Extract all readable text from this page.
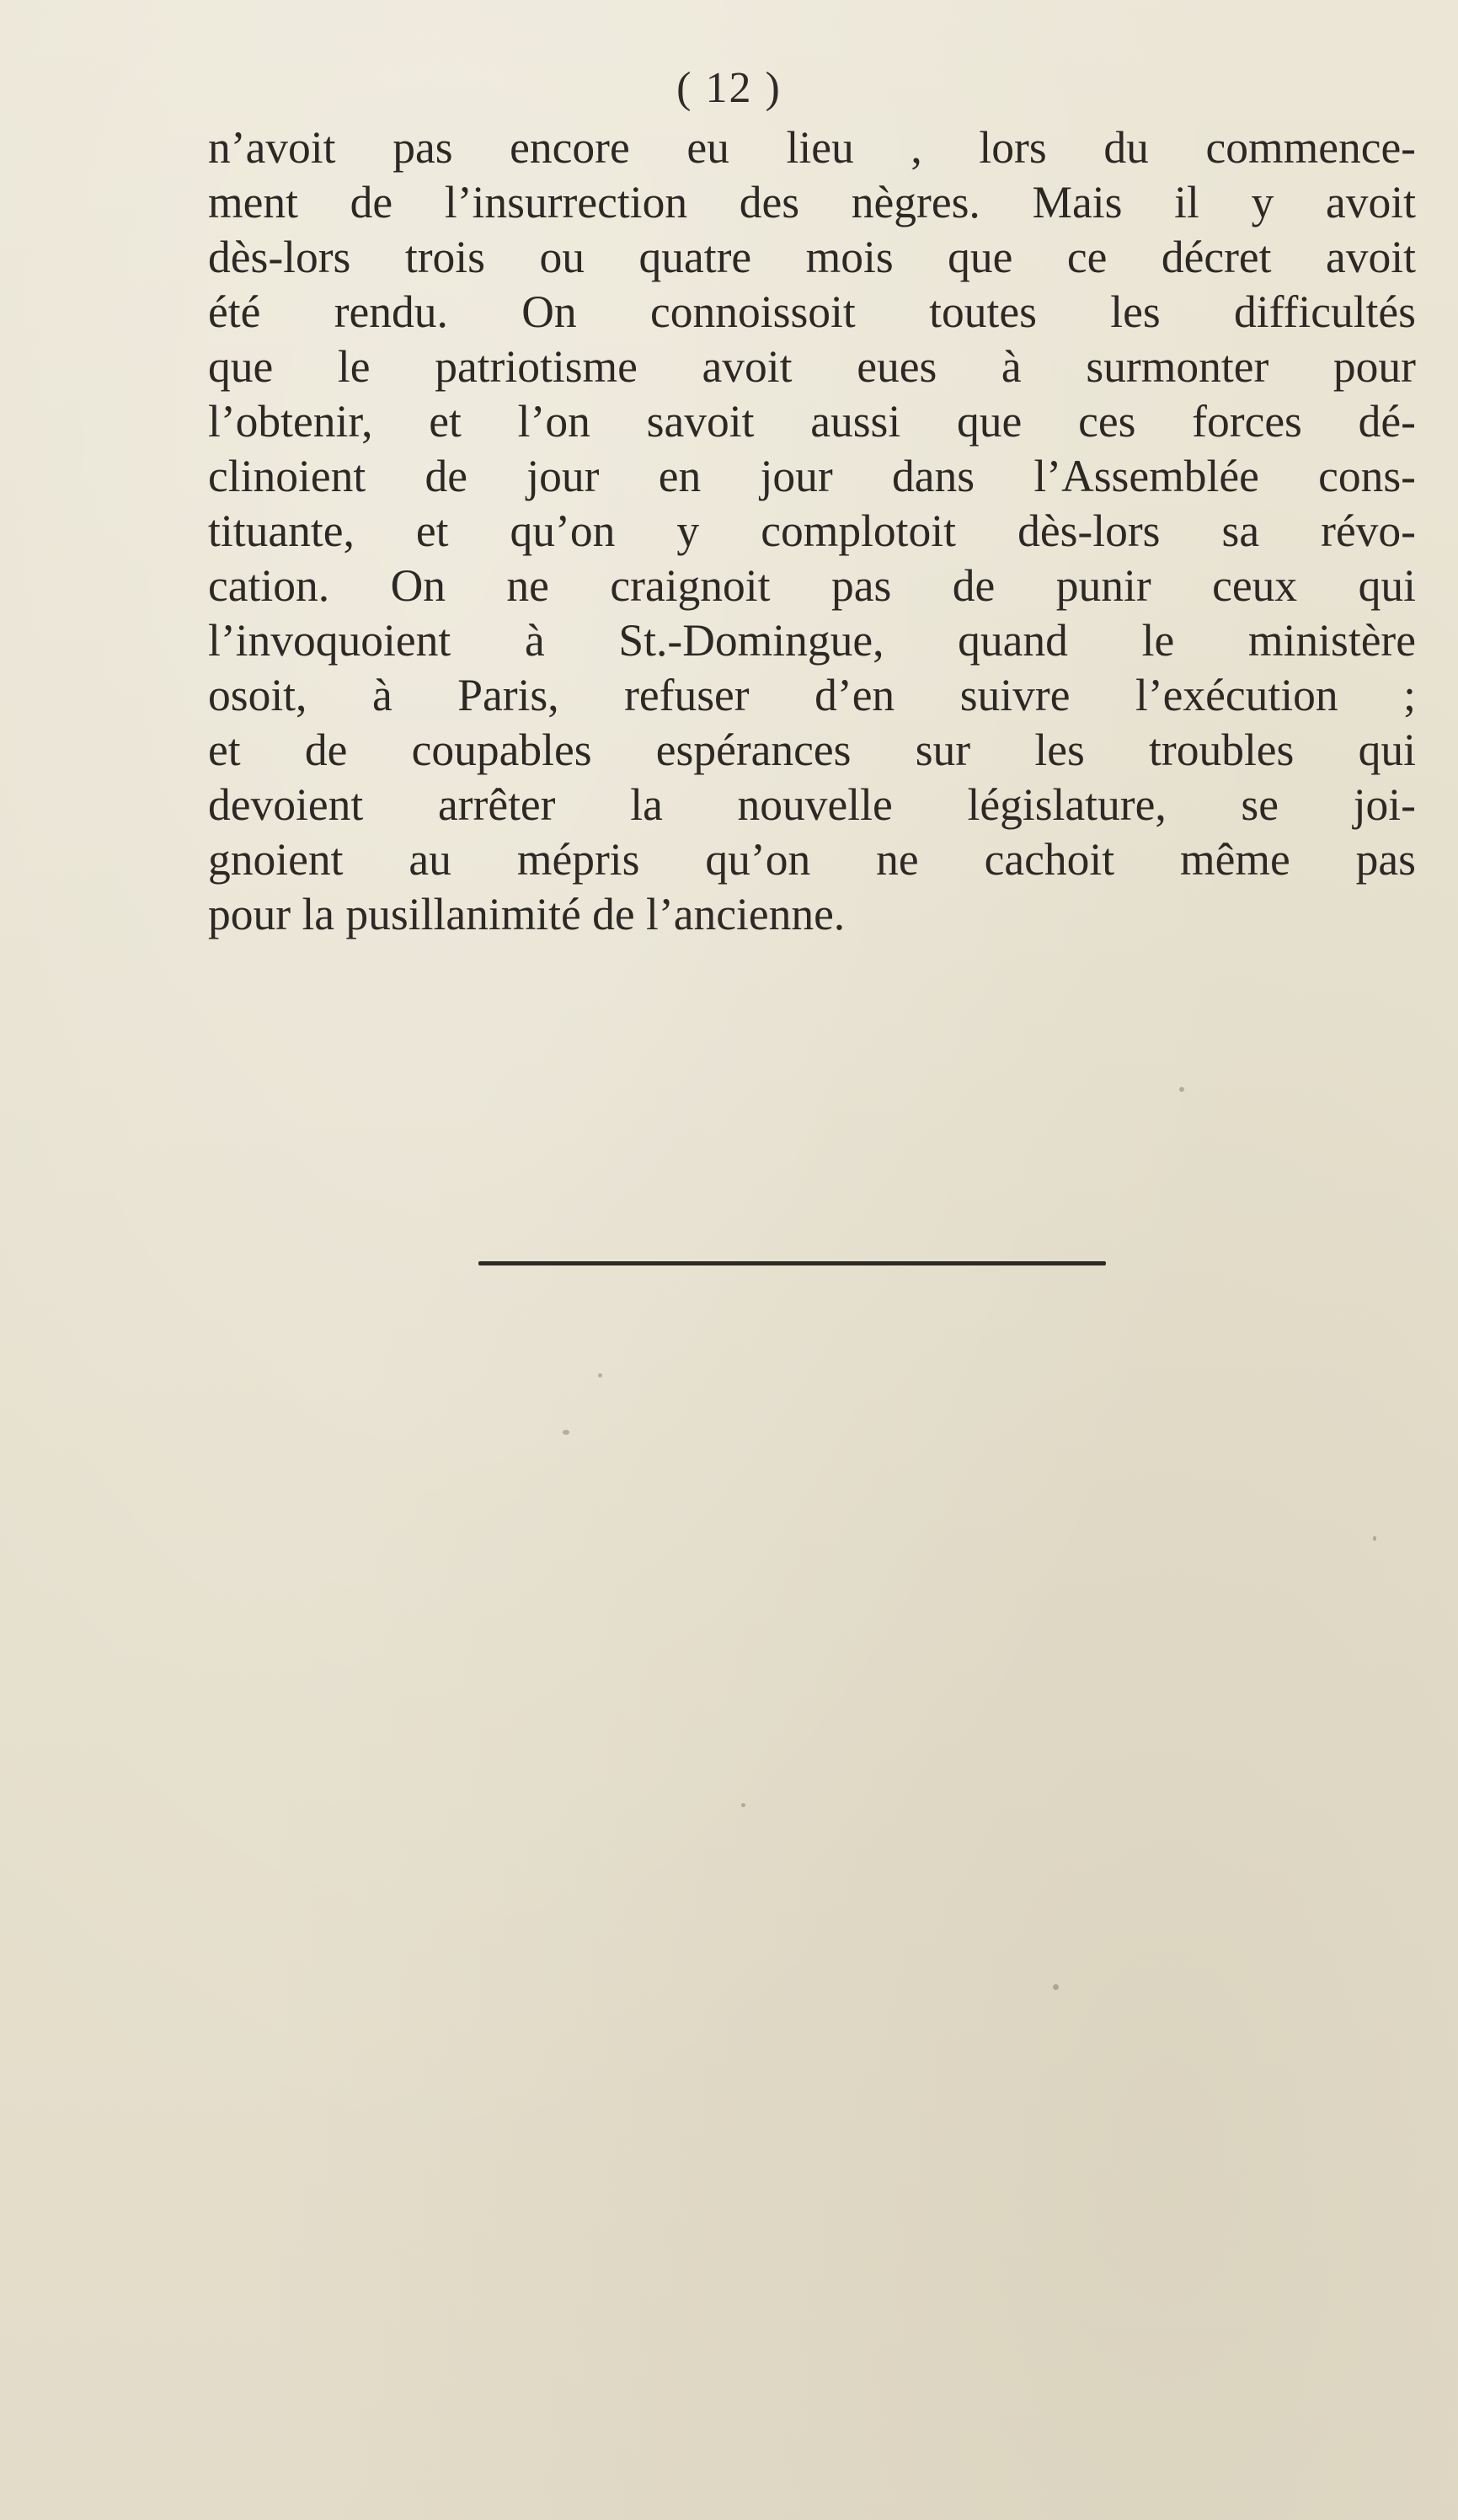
( 12 )
n’avoit pas encore eu lieu , lors du commence-
ment de l’insurrection des nègres. Mais il y avoit
dès-lors trois ou quatre mois que ce décret avoit
été rendu. On connoissoit toutes les difficultés
que le patriotisme avoit eues à surmonter pour
l’obtenir, et l’on savoit aussi que ces forces dé-
clinoient de jour en jour dans l’Assemblée cons-
tituante, et qu’on y complotoit dès-lors sa révo-
cation. On ne craignoit pas de punir ceux qui
l’invoquoient à St.-Domingue, quand le ministère
osoit, à Paris, refuser d’en suivre l’exécution ;
et de coupables espérances sur les troubles qui
devoient arrêter la nouvelle législature, se joi-
gnoient au mépris qu’on ne cachoit même pas
pour la pusillanimité de l’ancienne.
